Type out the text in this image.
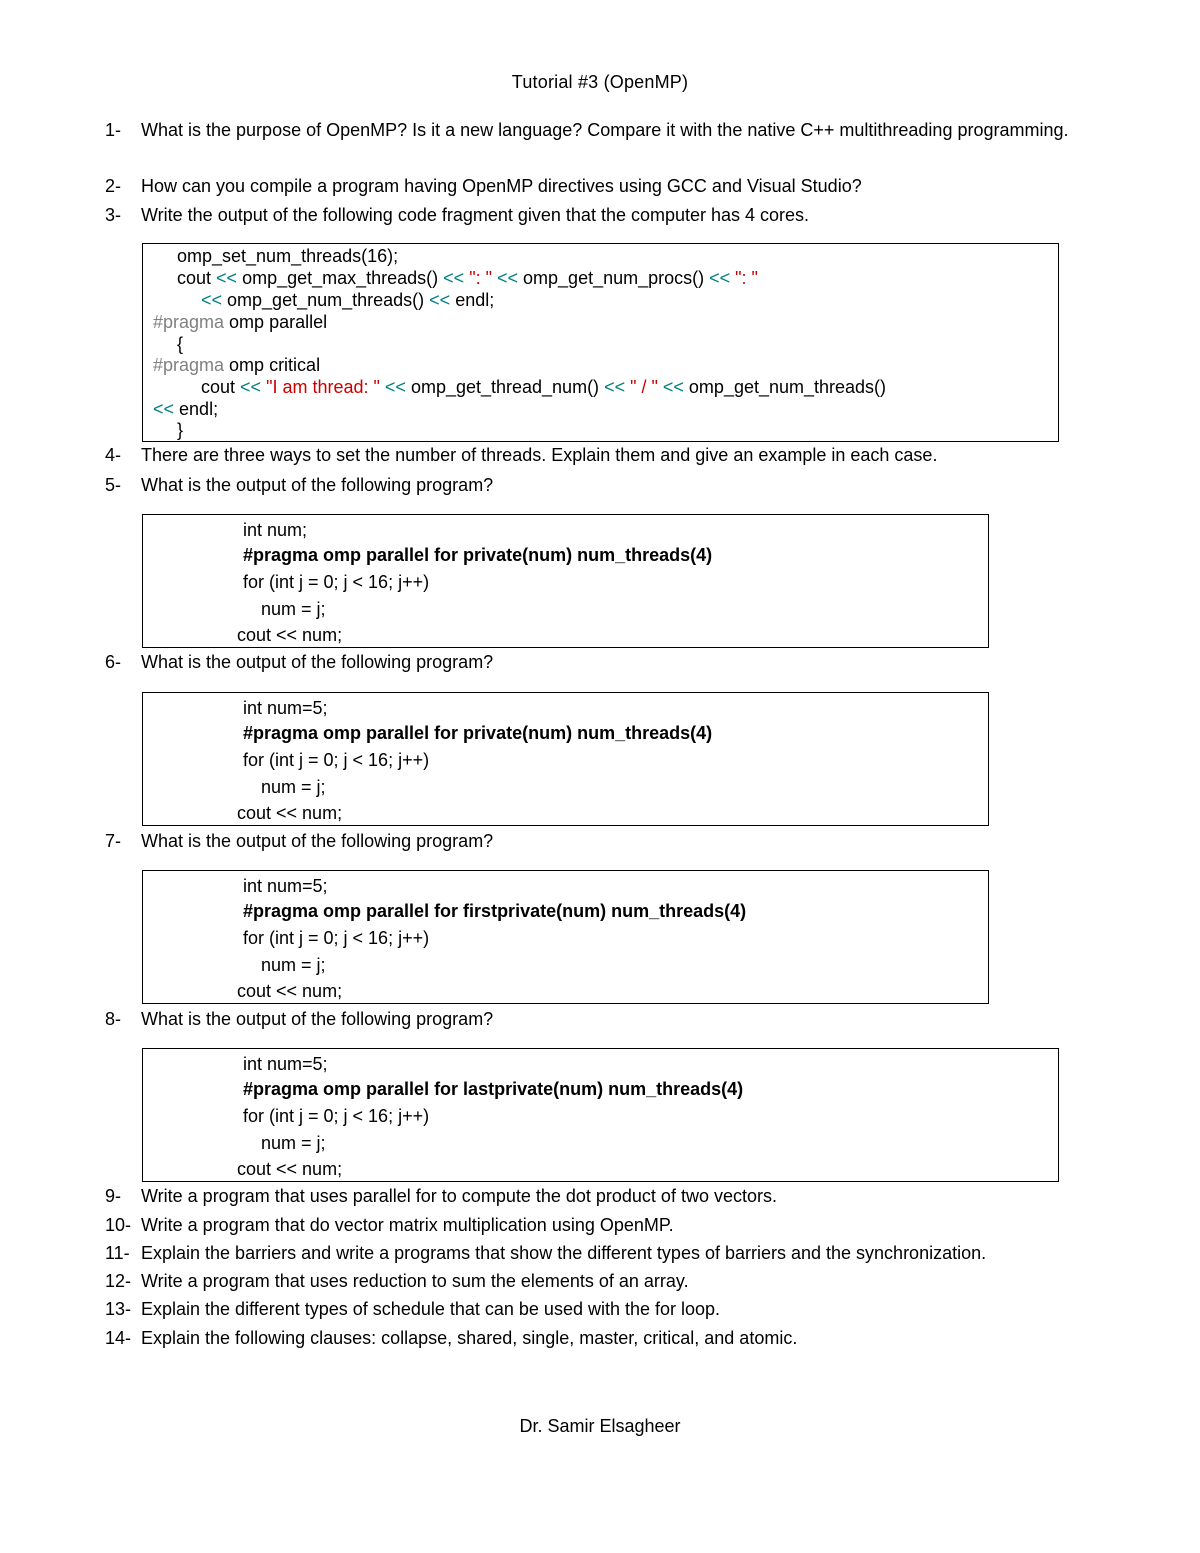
Tutorial #3 (OpenMP)
1- What is the purpose of OpenMP? Is it a new language? Compare it with the native C++ multithreading programming.
2- How can you compile a program having OpenMP directives using GCC and Visual Studio?
3- Write the output of the following code fragment given that the computer has 4 cores.
omp_set_num_threads(16);
cout << omp_get_max_threads() << ": " << omp_get_num_procs() << ": "
<< omp_get_num_threads() << endl;
#pragma omp parallel
{
#pragma omp critical
cout << "I am thread: " << omp_get_thread_num() << " / " << omp_get_num_threads()
<< endl;
}
4- There are three ways to set the number of threads. Explain them and give an example in each case.
5- What is the output of the following program?
int num;
#pragma omp parallel for private(num) num_threads(4)
for (int j = 0; j < 16; j++)
num = j;
cout << num;
6- What is the output of the following program?
int num=5;
#pragma omp parallel for private(num) num_threads(4)
for (int j = 0; j < 16; j++)
num = j;
cout << num;
7- What is the output of the following program?
int num=5;
#pragma omp parallel for firstprivate(num) num_threads(4)
for (int j = 0; j < 16; j++)
num = j;
cout << num;
8- What is the output of the following program?
int num=5;
#pragma omp parallel for lastprivate(num) num_threads(4)
for (int j = 0; j < 16; j++)
num = j;
cout << num;
9- Write a program that uses parallel for to compute the dot product of two vectors.
10- Write a program that do vector matrix multiplication using OpenMP.
11- Explain the barriers and write a programs that show the different types of barriers and the synchronization.
12- Write a program that uses reduction to sum the elements of an array.
13- Explain the different types of schedule that can be used with the for loop.
14- Explain the following clauses: collapse, shared, single, master, critical, and atomic.
Dr. Samir Elsagheer
